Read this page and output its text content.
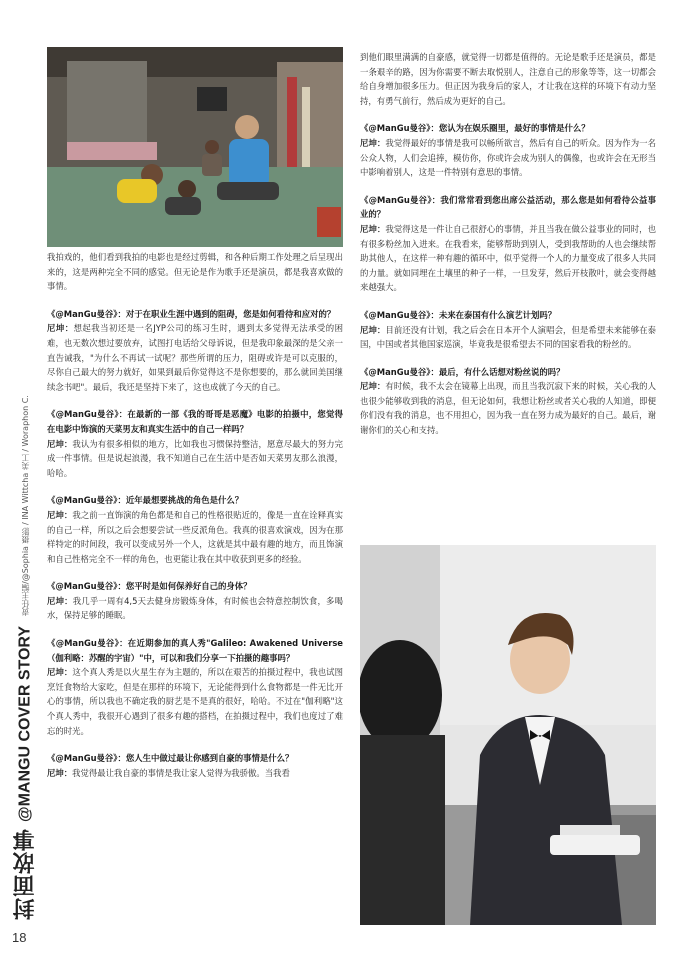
封面故事
@MANGU COVER STORY
责任主编/@Sophia 摄影 / INA Wittcha 美工 / Woraphon C.

我拍戏的，他们看到我拍的电影也是经过剪辑，和各种后期工作处理之后呈现出来的，这是两种完全不同的感觉。但无论是作为歌手还是演员，都是我喜欢做的事情。

《@ManGu曼谷》：对于在职业生涯中遇到的阻碍，您是如何看待和应对的？
尼坤：想起我当初还是一名JYP公司的练习生时，遇到太多觉得无法承受的困难，也无数次想过要放弃，试图打电话给父母诉说，但是我印象最深的是父亲一直告诫我，"为什么不再试一试呢？那些所谓的压力，阻碍或许是可以克服的，尽你自己最大的努力就好，如果到最后你觉得这不是你想要的，那么就回美国继续念书吧"。最后，我还是坚持下来了，这也成就了今天的自己。

《@ManGu曼谷》：在最新的一部《我的哥哥是恶魔》电影的拍摄中，您觉得在电影中饰演的天菜男友和真实生活中的自己一样吗？
尼坤：我认为有很多相似的地方，比如我也习惯保持整洁，愿意尽最大的努力完成一件事情。但是说起浪漫，我不知道自己在生活中是否如天菜男友那么浪漫，哈哈。

《@ManGu曼谷》：近年最想要挑战的角色是什么？
尼坤：我之前一直饰演的角色都是和自己的性格很贴近的，像是一直在诠释真实的自己一样，所以之后会想要尝试一些反派角色。我真的很喜欢演戏，因为在那样特定的时间段，我可以变成另外一个人，这就是其中最有趣的地方，而且饰演和自己性格完全不一样的角色，也更能让我在其中收获到更多的经验。

《@ManGu曼谷》：您平时是如何保养好自己的身体？
尼坤：我几乎一周有4,5天去健身房锻炼身体，有时候也会特意控制饮食，多喝水，保持足够的睡眠。

《@ManGu曼谷》：在近期参加的真人秀"Galileo: Awakened Universe（伽利略：苏醒的宇宙）"中，可以和我们分享一下拍摄的趣事吗？
尼坤：这个真人秀是以火星生存为主题的，所以在艰苦的拍摄过程中，我也试图烹饪食物给大家吃，但是在那样的环境下，无论能得到什么食物都是一件无比开心的事情，所以我也不确定我的厨艺是不是真的很好，哈哈。不过在"伽利略"这个真人秀中，我很开心遇到了很多有趣的搭档，在拍摄过程中，我们也度过了难忘的时光。

《@ManGu曼谷》：您人生中做过最让你感到自豪的事情是什么？
尼坤：我觉得最让我自豪的事情是我让家人觉得为我骄傲。当我看

到他们眼里满满的自豪感，就觉得一切都是值得的。无论是歌手还是演员，都是一条艰辛的路，因为你需要不断去取悦别人，注意自己的形象等等，这一切都会给自身增加很多压力。但正因为我身后的家人，才让我在这样的环境下有动力坚持，有勇气前行，然后成为更好的自己。

《@ManGu曼谷》：您认为在娱乐圈里，最好的事情是什么？
尼坤：我觉得最好的事情是我可以畅所欲言，然后有自己的听众。因为作为一名公众人物，人们会追捧，模仿你，你或许会成为别人的偶像，也或许会在无形当中影响着别人，这是一件特别有意思的事情。

《@ManGu曼谷》：我们常常看到您出席公益活动，那么您是如何看待公益事业的？
尼坤：我觉得这是一件让自己很舒心的事情，并且当我在做公益事业的同时，也有很多粉丝加入进来。在我看来，能够帮助到别人，受到我帮助的人也会继续帮助其他人，在这样一种有趣的循环中，似乎觉得一个人的力量变成了很多人共同的力量。就如同埋在土壤里的种子一样，一旦发芽，然后开枝散叶，就会变得越来越强大。

《@ManGu曼谷》：未来在泰国有什么演艺计划吗？
尼坤：目前还没有计划，我之后会在日本开个人演唱会，但是希望未来能够在泰国，中国或者其他国家巡演，毕竟我是很希望去不同的国家看我的粉丝的。

《@ManGu曼谷》：最后，有什么话想对粉丝说的吗？
尼坤：有时候，我不太会在镜幕上出现，而且当我沉寂下来的时候，关心我的人也很少能够收到我的消息，但无论如何，我想让粉丝或者关心我的人知道，即便你们没有我的消息，也不用担心，因为我一直在努力成为最好的自己。最后，谢谢你们的关心和支持。

18
